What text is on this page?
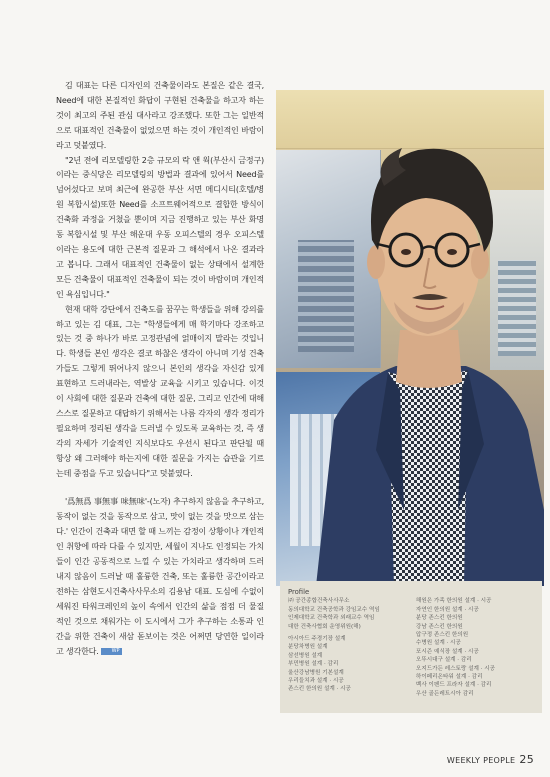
김 대표는 다른 디자인의 건축물이라도 본질은 같은 결국, Need에 대한 본질적인 화답이 구현된 건축물을 하고자 하는 것이 최고의 주된 관심 대사라고 강조했다. 또한 그는 일반적으로 대표적인 건축물이 없었으면 하는 것이 개인적인 바람이라고 덧붙였다.

"2년 전에 리모델링한 2층 규모의 락 앤 웍(부산시 금정구)이라는 중식당은 리모델링의 방법과 결과에 있어서 Need를 넘어섰다고 보며 최근에 완공한 부산 서면 메디시티(호텔/병원 복합시설)또한 Need를 소프트웨어적으로 결합한 방식이 건축화 과정을 거쳤을 뿐이며 지금 진행하고 있는 부산 화명동 복합시설 및 부산 해운대 우동 오피스텔의 경우 오피스텔이라는 용도에 대한 근본적 질문과 그 해석에서 나온 결과라고 봅니다. 그래서 대표적인 건축물이 없는 상태에서 설계한 모든 건축물이 대표적인 건축물이 되는 것이 바람이며 개인적인 욕심입니다."

현재 대학 강단에서 건축도를 꿈꾸는 학생들을 위해 강의를 하고 있는 김 대표, 그는 "학생들에게 매 학기마다 강조하고 있는 것 중 하나가 바로 고정관념에 얽매이지 말라는 것입니다. 학생들 본인 생각은 결코 하찮은 생각이 아니며 기성 건축가들도 그렇게 뛰어나지 않으니 본인의 생각을 자신감 있게 표현하고 드러내라는, 역발상 교육을 시키고 있습니다. 이것이 사회에 대한 질문과 건축에 대한 질문, 그리고 인간에 대해 스스로 질문하고 대답하기 위해서는 나름 각자의 생각 정리가 필요하며 정리된 생각을 드러낼 수 있도록 교육하는 것, 즉 생각의 자세가 기술적인 지식보다도 우선시 된다고 판단될 때 항상 왜 그러해야 하는지에 대한 질문을 가지는 습관을 기르는데 중점을 두고 있습니다"고 덧붙였다.

'爲無爲 事無事 味無味'-(노자) 추구하지 않음을 추구하고, 동작이 없는 것을 동작으로 삼고, 맛이 없는 것을 맛으로 삼는다.' 인간이 건축과 대면 할 때 느끼는 감정이 상황이나 개인적인 취향에 따라 다를 수 있지만, 세월이 지나도 인정되는 가치들이 인간 공동적으로 느낄 수 있는 가치라고 생각하며 드러내지 않음이 드러날 때 훌륭한 건축, 또는 훌륭한 공간이라고 전하는 삼현도시건축사사무소의 김용남 대표. 도심에 수없이 세워진 타워크레인의 높이 속에서 인간의 삶을 점점 더 물질적인 것으로 채워가는 이 도시에서 그가 추구하는 소통과 인간을 위한 건축이 새삼 돋보이는 것은 어쩌면 당연한 일이라고 생각한다.	WP

Profile
㈜ 공간종합건축사사무소
동의대학교 건축공학과 강임교수 역임
인제대학교 건축학과 외래교수 역임
대한 건축사협회 운영위원(해)
아시아드 주경기장 설계
분당차병원 설계
삼선병원 설계
부민병원 설계 · 감리
울산강남병원 기본설계
우리들치과 설계 · 시공
존스킨 한의원 설계 · 시공
해원은 가족 한의원 설계 · 시공
자연인 한의원 설계 · 시공
분당 존스킨 한의원
강남 존스킨 한의원
압구정 존스킨 한의원
수병원 설계 · 시공
포시즌 예식장 설계 · 시공
오뚜시대구 설계 · 감리
오지드가든 레스토랑 설계 · 시공
하이페리온타워 설계 · 감리
벡사 이펜드 프라자 설계 · 감리
우산 골든레트시아 감리
WEEKLY PEOPLE 25
